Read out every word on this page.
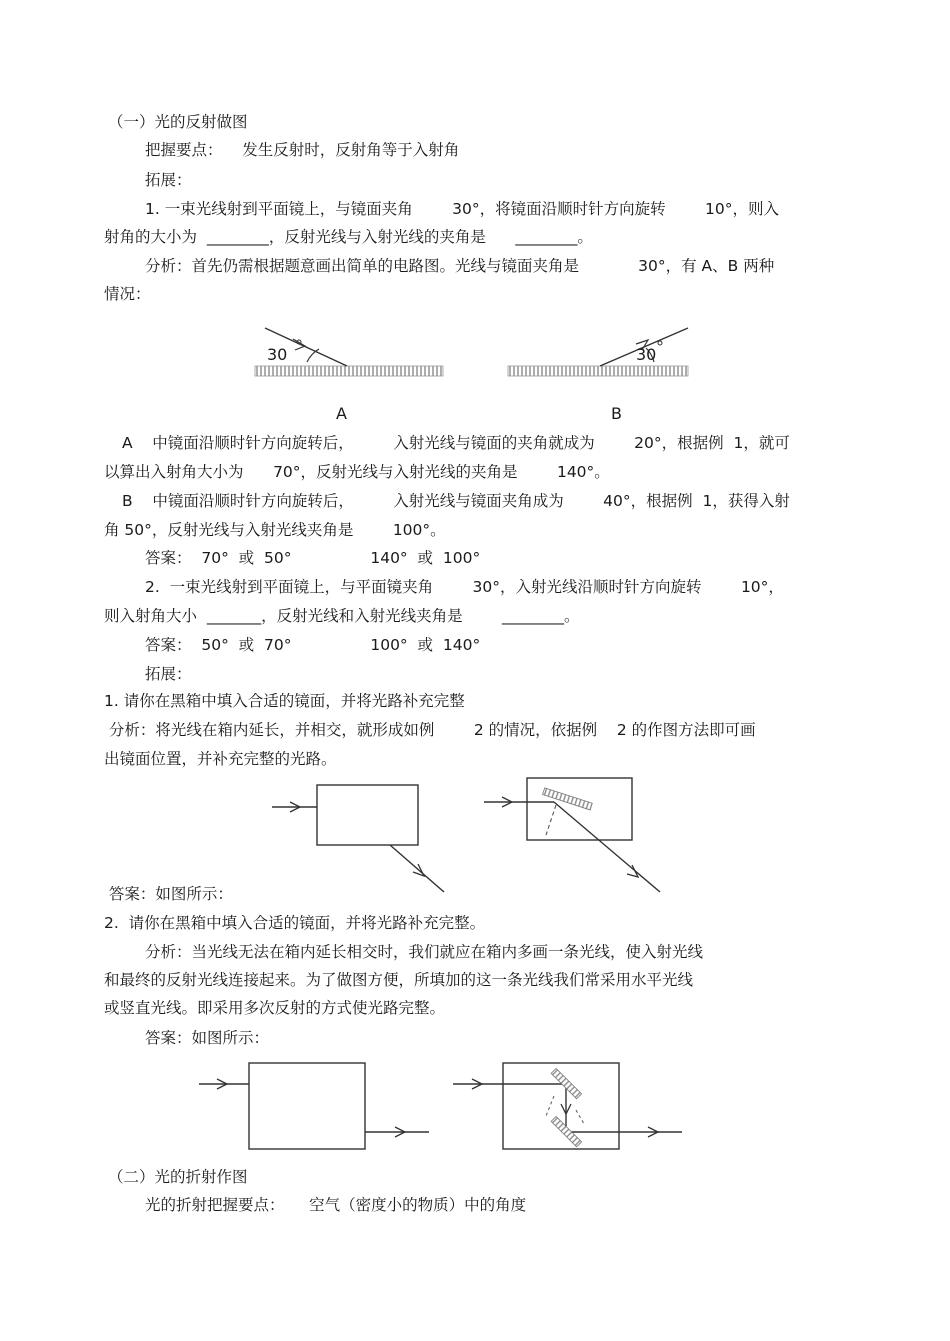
（一）光的反射做图
把握要点：    发生反射时，反射角等于入射角
拓展：
1. 一束光线射到平面镜上，与镜面夹角        30°，将镜面沿顺时针方向旋转        10°，则入
射角的大小为  ________，反射光线与入射光线的夹角是      ________。
分析：首先仍需根据题意画出简单的电路图。光线与镜面夹角是            30°，有 A、B 两种
情况：
30	30
A	B
A    中镜面沿顺时针方向旋转后，        入射光线与镜面的夹角就成为        20°，根据例  1，就可
以算出入射角大小为      70°，反射光线与入射光线的夹角是        140°。
B    中镜面沿顺时针方向旋转后，        入射光线与镜面夹角成为        40°，根据例  1，获得入射
角 50°，反射光线与入射光线夹角是        100°。
答案：  70°  或  50°                140°  或  100°
2.  一束光线射到平面镜上，与平面镜夹角        30°，入射光线沿顺时针方向旋转        10°，
则入射角大小  _______，反射光线和入射光线夹角是        ________。
答案：  50°  或  70°                100°  或  140°
拓展：
1. 请你在黑箱中填入合适的镜面，并将光路补充完整
分析：将光线在箱内延长，并相交，就形成如例        2 的情况，依据例    2 的作图方法即可画
出镜面位置，并补充完整的光路。
答案：如图所示：
2.  请你在黑箱中填入合适的镜面，并将光路补充完整。
分析：当光线无法在箱内延长相交时，我们就应在箱内多画一条光线，使入射光线
和最终的反射光线连接起来。为了做图方便，所填加的这一条光线我们常采用水平光线
或竖直光线。即采用多次反射的方式使光路完整。
答案：如图所示：
（二）光的折射作图
光的折射把握要点：     空气（密度小的物质）中的角度
